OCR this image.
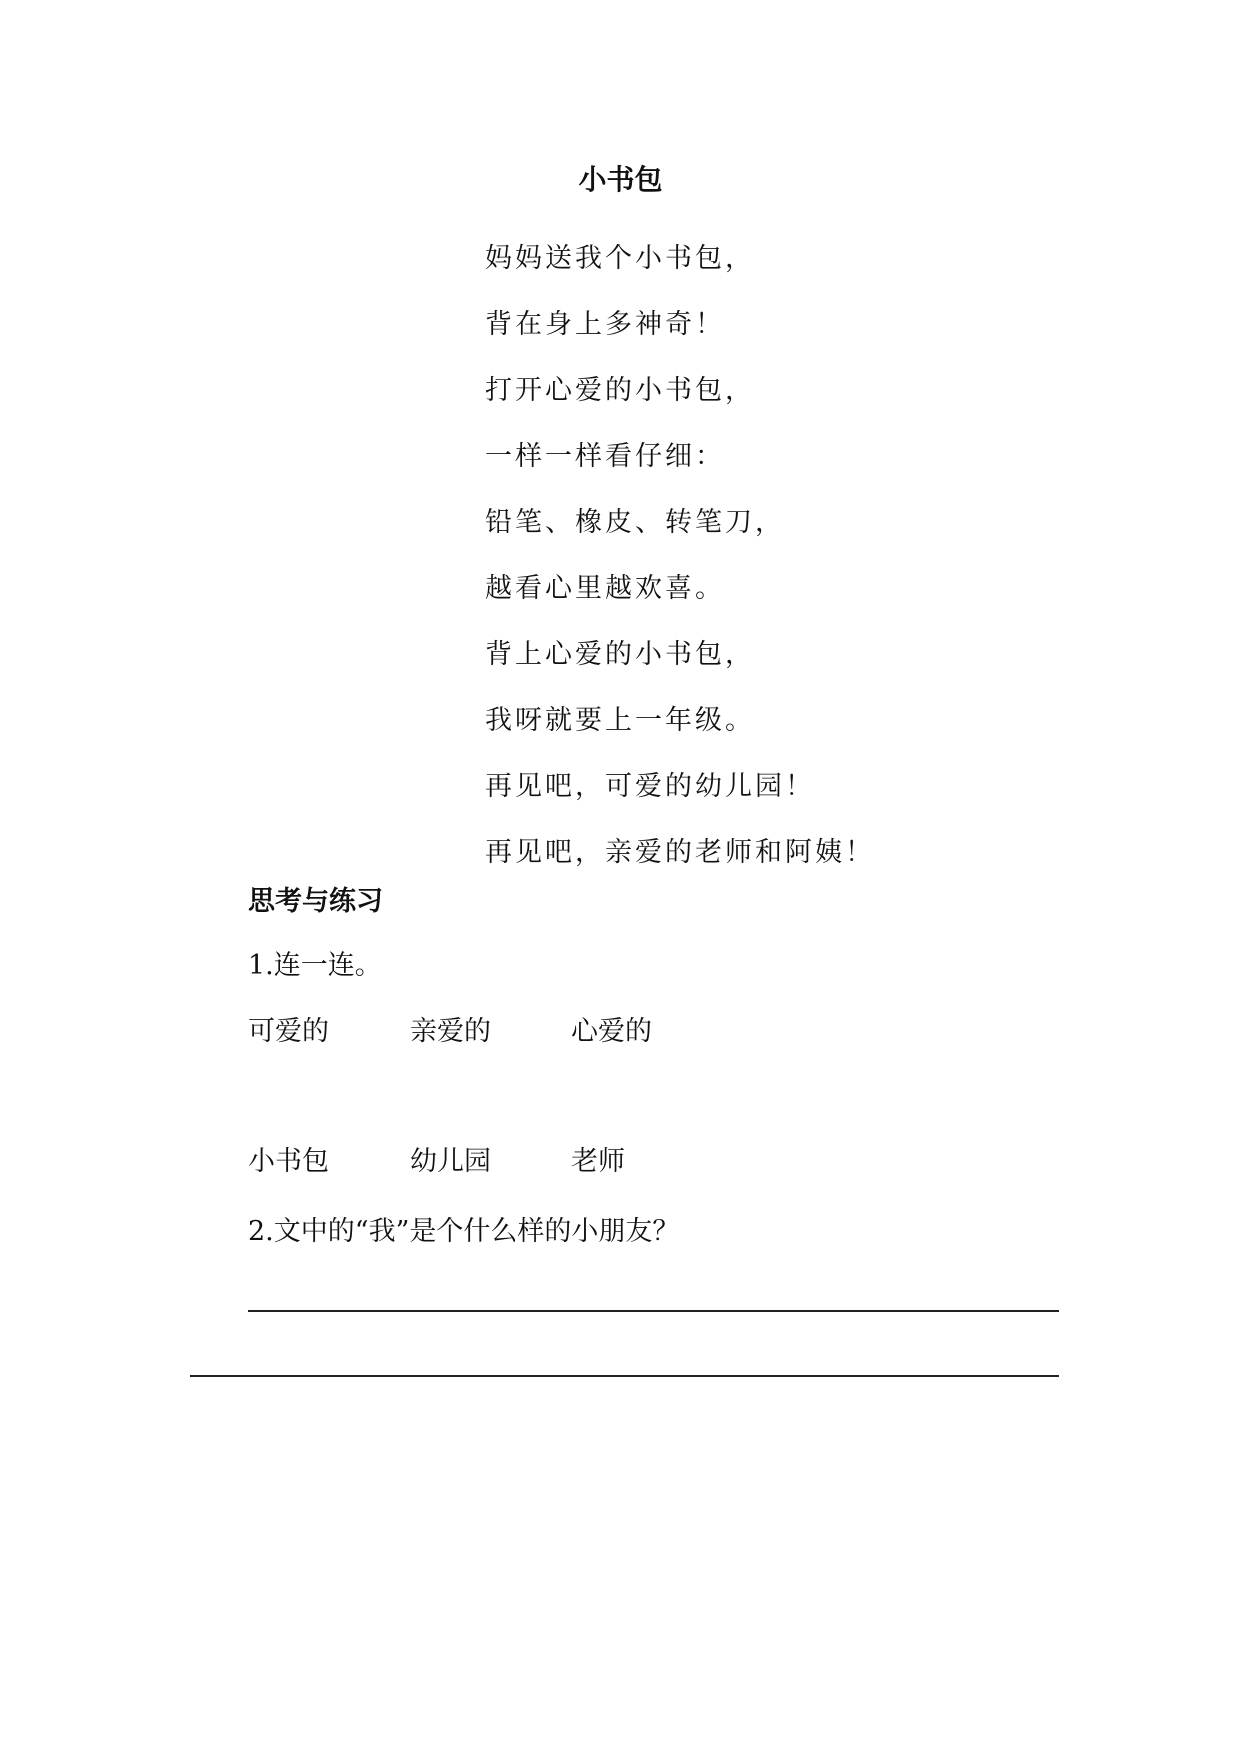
小书包
妈妈送我个小书包，
背在身上多神奇！
打开心爱的小书包，
一样一样看仔细：
铅笔、橡皮、转笔刀，
越看心里越欢喜。
背上心爱的小书包，
我呀就要上一年级。
再见吧，可爱的幼儿园！
再见吧，亲爱的老师和阿姨！
思考与练习
1.连一连。
可爱的	亲爱的	心爱的
小书包	幼儿园	老师
2.文中的“我”是个什么样的小朋友？
